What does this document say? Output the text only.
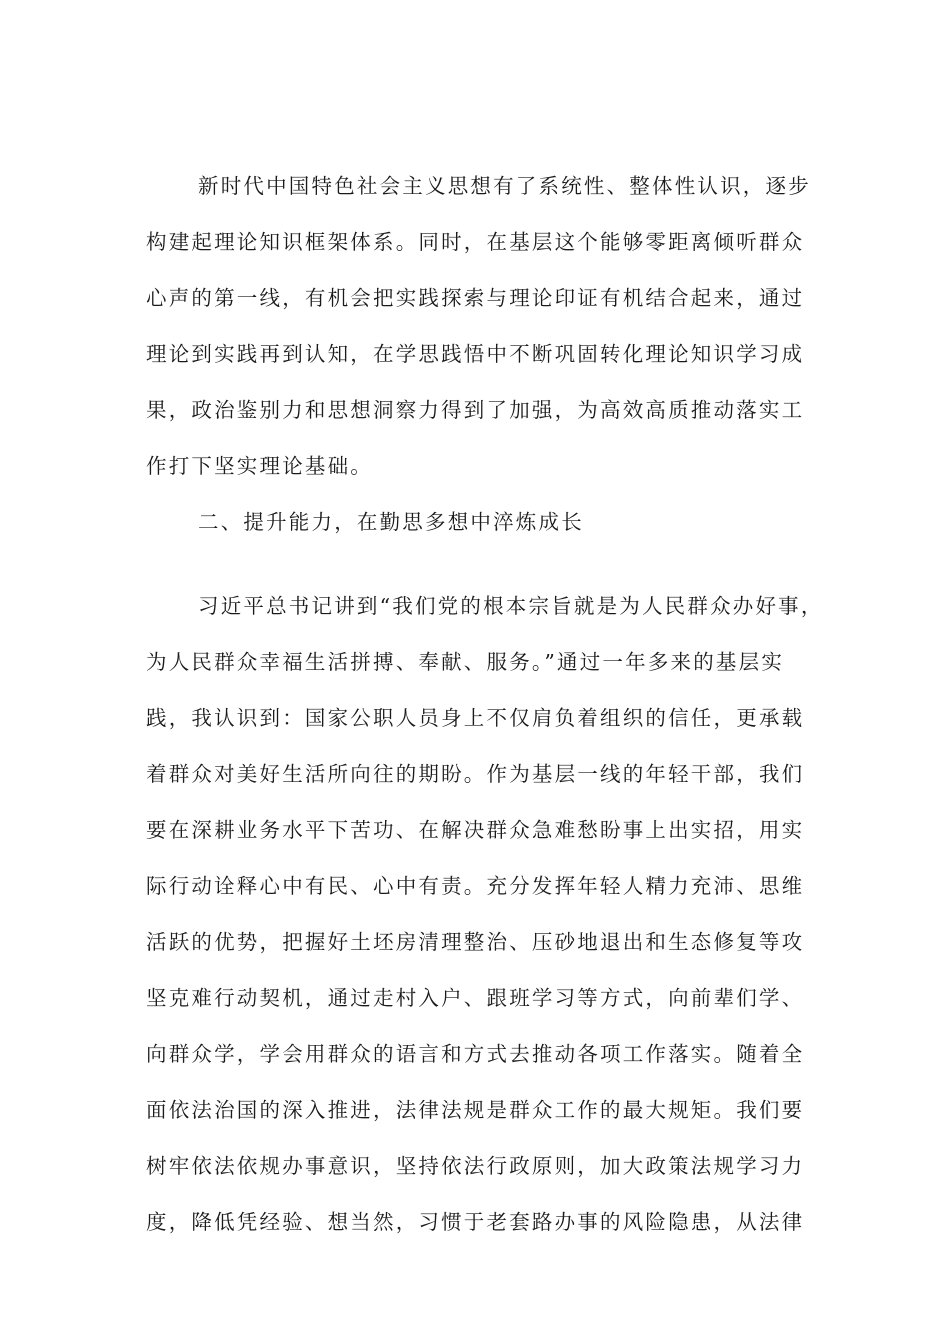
新时代中国特色社会主义思想有了系统性、整体性认识，逐步
构建起理论知识框架体系。同时，在基层这个能够零距离倾听群众
心声的第一线，有机会把实践探索与理论印证有机结合起来，通过
理论到实践再到认知，在学思践悟中不断巩固转化理论知识学习成
果，政治鉴别力和思想洞察力得到了加强，为高效高质推动落实工
作打下坚实理论基础。
二、提升能力，在勤思多想中淬炼成长
习近平总书记讲到“我们党的根本宗旨就是为人民群众办好事，
为人民群众幸福生活拼搏、奉献、服务。”通过一年多来的基层实
践，我认识到：国家公职人员身上不仅肩负着组织的信任，更承载
着群众对美好生活所向往的期盼。作为基层一线的年轻干部，我们
要在深耕业务水平下苦功、在解决群众急难愁盼事上出实招，用实
际行动诠释心中有民、心中有责。充分发挥年轻人精力充沛、思维
活跃的优势，把握好土坯房清理整治、压砂地退出和生态修复等攻
坚克难行动契机，通过走村入户、跟班学习等方式，向前辈们学、
向群众学，学会用群众的语言和方式去推动各项工作落实。随着全
面依法治国的深入推进，法律法规是群众工作的最大规矩。我们要
树牢依法依规办事意识，坚持依法行政原则，加大政策法规学习力
度，降低凭经验、想当然，习惯于老套路办事的风险隐患，从法律
